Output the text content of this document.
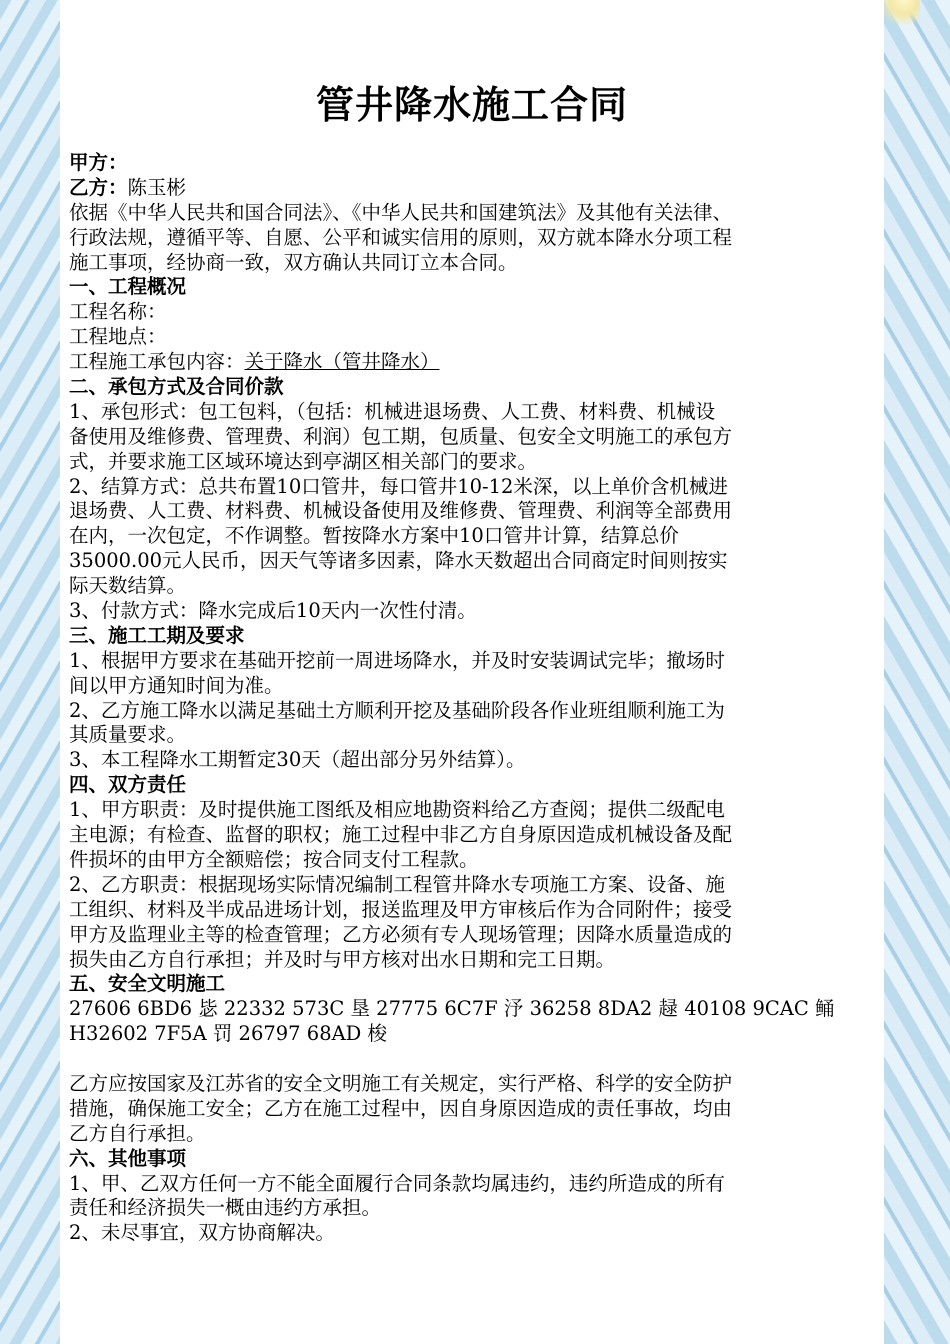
管井降水施工合同
甲方：
乙方：陈玉彬
依据《中华人民共和国合同法》、《中华人民共和国建筑法》及其他有关法律、
行政法规，遵循平等、自愿、公平和诚实信用的原则，双方就本降水分项工程
施工事项，经协商一致，双方确认共同订立本合同。
一、工程概况
工程名称：
工程地点：
工程施工承包内容：关于降水（管井降水）
二、承包方式及合同价款
1、承包形式：包工包料，（包括：机械进退场费、人工费、材料费、机械设
备使用及维修费、管理费、利润）包工期，包质量、包安全文明施工的承包方
式，并要求施工区域环境达到亭湖区相关部门的要求。
2、结算方式：总共布置10口管井，每口管井10-12米深，以上单价含机械进
退场费、人工费、材料费、机械设备使用及维修费、管理费、利润等全部费用
在内，一次包定，不作调整。暂按降水方案中10口管井计算，结算总价
35000.00元人民币，因天气等诸多因素，降水天数超出合同商定时间则按实
际天数结算。
3、付款方式：降水完成后10天内一次性付清。
三、施工工期及要求
1、根据甲方要求在基础开挖前一周进场降水，并及时安装调试完毕；撤场时
间以甲方通知时间为准。
2、乙方施工降水以满足基础土方顺利开挖及基础阶段各作业班组顺利施工为
其质量要求。
3、本工程降水工期暂定30天（超出部分另外结算）。
四、双方责任
1、甲方职责：及时提供施工图纸及相应地勘资料给乙方查阅；提供二级配电
主电源；有检查、监督的职权；施工过程中非乙方自身原因造成机械设备及配
件损坏的由甲方全额赔偿；按合同支付工程款。
2、乙方职责：根据现场实际情况编制工程管井降水专项施工方案、设备、施
工组织、材料及半成品进场计划，报送监理及甲方审核后作为合同附件；接受
甲方及监理业主等的检查管理；乙方必须有专人现场管理；因降水质量造成的
损失由乙方自行承担；并及时与甲方核对出水日期和完工日期。
五、安全文明施工
27606 6BD6 毖 22332 573C 垦 27775 6C7F 汿 36258 8DA2 趢 40108 9CAC 鲬
H32602 7F5A 罚 26797 68AD 梭
乙方应按国家及江苏省的安全文明施工有关规定，实行严格、科学的安全防护
措施，确保施工安全；乙方在施工过程中，因自身原因造成的责任事故，均由
乙方自行承担。
六、其他事项
1、甲、乙双方任何一方不能全面履行合同条款均属违约，违约所造成的所有
责任和经济损失一概由违约方承担。
2、未尽事宜，双方协商解决。
